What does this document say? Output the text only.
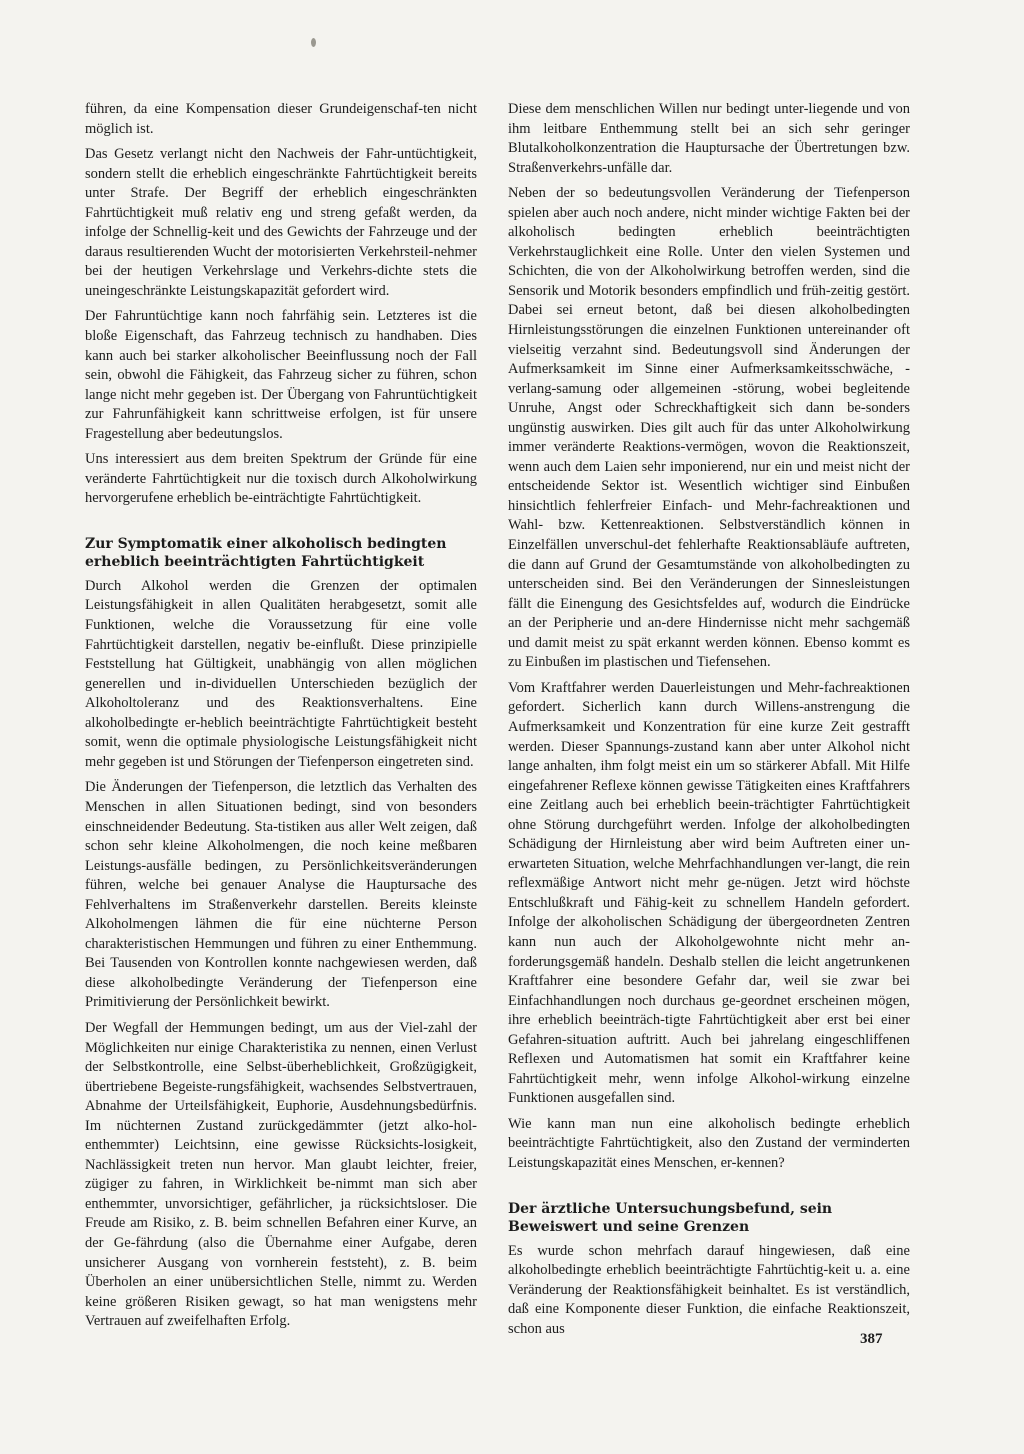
führen, da eine Kompensation dieser Grundeigenschaf-ten nicht möglich ist.

Das Gesetz verlangt nicht den Nachweis der Fahr-untüchtigkeit, sondern stellt die erheblich eingeschränkte Fahrtüchtigkeit bereits unter Strafe. Der Begriff der erheblich eingeschränkten Fahrtüchtigkeit muß relativ eng und streng gefaßt werden, da infolge der Schnellig-keit und des Gewichts der Fahrzeuge und der daraus resultierenden Wucht der motorisierten Verkehrsteil-nehmer bei der heutigen Verkehrslage und Verkehrs-dichte stets die uneingeschränkte Leistungskapazität gefordert wird.

Der Fahruntüchtige kann noch fahrfähig sein. Letzteres ist die bloße Eigenschaft, das Fahrzeug technisch zu handhaben. Dies kann auch bei starker alkoholischer Beeinflussung noch der Fall sein, obwohl die Fähigkeit, das Fahrzeug sicher zu führen, schon lange nicht mehr gegeben ist. Der Übergang von Fahruntüchtigkeit zur Fahrunfähigkeit kann schrittweise erfolgen, ist für unsere Fragestellung aber bedeutungslos.

Uns interessiert aus dem breiten Spektrum der Gründe für eine veränderte Fahrtüchtigkeit nur die toxisch durch Alkoholwirkung hervorgerufene erheblich be-einträchtigte Fahrtüchtigkeit.

Zur Symptomatik einer alkoholisch bedingten erheblich beeinträchtigten Fahrtüchtigkeit

Durch Alkohol werden die Grenzen der optimalen Leistungsfähigkeit in allen Qualitäten herabgesetzt, somit alle Funktionen, welche die Voraussetzung für eine volle Fahrtüchtigkeit darstellen, negativ be-einflußt. Diese prinzipielle Feststellung hat Gültigkeit, unabhängig von allen möglichen generellen und in-dividuellen Unterschieden bezüglich der Alkoholtoleranz und des Reaktionsverhaltens. Eine alkoholbedingte er-heblich beeinträchtigte Fahrtüchtigkeit besteht somit, wenn die optimale physiologische Leistungsfähigkeit nicht mehr gegeben ist und Störungen der Tiefenperson eingetreten sind.

Die Änderungen der Tiefenperson, die letztlich das Verhalten des Menschen in allen Situationen bedingt, sind von besonders einschneidender Bedeutung. Sta-tistiken aus aller Welt zeigen, daß schon sehr kleine Alkoholmengen, die noch keine meßbaren Leistungs-ausfälle bedingen, zu Persönlichkeitsveränderungen führen, welche bei genauer Analyse die Hauptursache des Fehlverhaltens im Straßenverkehr darstellen. Bereits kleinste Alkoholmengen lähmen die für eine nüchterne Person charakteristischen Hemmungen und führen zu einer Enthemmung. Bei Tausenden von Kontrollen konnte nachgewiesen werden, daß diese alkoholbedingte Veränderung der Tiefenperson eine Primitivierung der Persönlichkeit bewirkt.

Der Wegfall der Hemmungen bedingt, um aus der Viel-zahl der Möglichkeiten nur einige Charakteristika zu nennen, einen Verlust der Selbstkontrolle, eine Selbst-überheblichkeit, Großzügigkeit, übertriebene Begeiste-rungsfähigkeit, wachsendes Selbstvertrauen, Abnahme der Urteilsfähigkeit, Euphorie, Ausdehnungsbedürfnis. Im nüchternen Zustand zurückgedämmter (jetzt alko-hol-enthemmter) Leichtsinn, eine gewisse Rücksichts-losigkeit, Nachlässigkeit treten nun hervor. Man glaubt leichter, freier, zügiger zu fahren, in Wirklichkeit be-nimmt man sich aber enthemmter, unvorsichtiger, gefährlicher, ja rücksichtsloser. Die Freude am Risiko, z. B. beim schnellen Befahren einer Kurve, an der Ge-fährdung (also die Übernahme einer Aufgabe, deren unsicherer Ausgang von vornherein feststeht), z. B. beim Überholen an einer unübersichtlichen Stelle, nimmt zu. Werden keine größeren Risiken gewagt, so hat man wenigstens mehr Vertrauen auf zweifelhaften Erfolg.

Diese dem menschlichen Willen nur bedingt unter-liegende und von ihm leitbare Enthemmung stellt bei an sich sehr geringer Blutalkoholkonzentration die Hauptursache der Übertretungen bzw. Straßenverkehrs-unfälle dar.

Neben der so bedeutungsvollen Veränderung der Tiefenperson spielen aber auch noch andere, nicht minder wichtige Fakten bei der alkoholisch bedingten erheblich beeinträchtigten Verkehrstauglichkeit eine Rolle. Unter den vielen Systemen und Schichten, die von der Alkoholwirkung betroffen werden, sind die Sensorik und Motorik besonders empfindlich und früh-zeitig gestört. Dabei sei erneut betont, daß bei diesen alkoholbedingten Hirnleistungsstörungen die einzelnen Funktionen untereinander oft vielseitig verzahnt sind. Bedeutungsvoll sind Änderungen der Aufmerksamkeit im Sinne einer Aufmerksamkeitsschwäche, -verlang-samung oder allgemeinen -störung, wobei begleitende Unruhe, Angst oder Schreckhaftigkeit sich dann be-sonders ungünstig auswirken. Dies gilt auch für das unter Alkoholwirkung immer veränderte Reaktions-vermögen, wovon die Reaktionszeit, wenn auch dem Laien sehr imponierend, nur ein und meist nicht der entscheidende Sektor ist. Wesentlich wichtiger sind Einbußen hinsichtlich fehlerfreier Einfach- und Mehr-fachreaktionen und Wahl- bzw. Kettenreaktionen. Selbstverständlich können in Einzelfällen unverschul-det fehlerhafte Reaktionsabläufe auftreten, die dann auf Grund der Gesamtumstände von alkoholbedingten zu unterscheiden sind. Bei den Veränderungen der Sinnesleistungen fällt die Einengung des Gesichtsfeldes auf, wodurch die Eindrücke an der Peripherie und an-dere Hindernisse nicht mehr sachgemäß und damit meist zu spät erkannt werden können. Ebenso kommt es zu Einbußen im plastischen und Tiefensehen.

Vom Kraftfahrer werden Dauerleistungen und Mehr-fachreaktionen gefordert. Sicherlich kann durch Willens-anstrengung die Aufmerksamkeit und Konzentration für eine kurze Zeit gestrafft werden. Dieser Spannungs-zustand kann aber unter Alkohol nicht lange anhalten, ihm folgt meist ein um so stärkerer Abfall. Mit Hilfe eingefahrener Reflexe können gewisse Tätigkeiten eines Kraftfahrers eine Zeitlang auch bei erheblich beein-trächtigter Fahrtüchtigkeit ohne Störung durchgeführt werden. Infolge der alkoholbedingten Schädigung der Hirnleistung aber wird beim Auftreten einer un-erwarteten Situation, welche Mehrfachhandlungen ver-langt, die rein reflexmäßige Antwort nicht mehr ge-nügen. Jetzt wird höchste Entschlußkraft und Fähig-keit zu schnellem Handeln gefordert. Infolge der alkoholischen Schädigung der übergeordneten Zentren kann nun auch der Alkoholgewohnte nicht mehr an-forderungsgemäß handeln. Deshalb stellen die leicht angetrunkenen Kraftfahrer eine besondere Gefahr dar, weil sie zwar bei Einfachhandlungen noch durchaus ge-geordnet erscheinen mögen, ihre erheblich beeinträch-tigte Fahrtüchtigkeit aber erst bei einer Gefahren-situation auftritt. Auch bei jahrelang eingeschliffenen Reflexen und Automatismen hat somit ein Kraftfahrer keine Fahrtüchtigkeit mehr, wenn infolge Alkohol-wirkung einzelne Funktionen ausgefallen sind.

Wie kann man nun eine alkoholisch bedingte erheblich beeinträchtigte Fahrtüchtigkeit, also den Zustand der verminderten Leistungskapazität eines Menschen, er-kennen?

Der ärztliche Untersuchungsbefund, sein Beweiswert und seine Grenzen

Es wurde schon mehrfach darauf hingewiesen, daß eine alkoholbedingte erheblich beeinträchtigte Fahrtüchtig-keit u. a. eine Veränderung der Reaktionsfähigkeit beinhaltet. Es ist verständlich, daß eine Komponente dieser Funktion, die einfache Reaktionszeit, schon aus

387
